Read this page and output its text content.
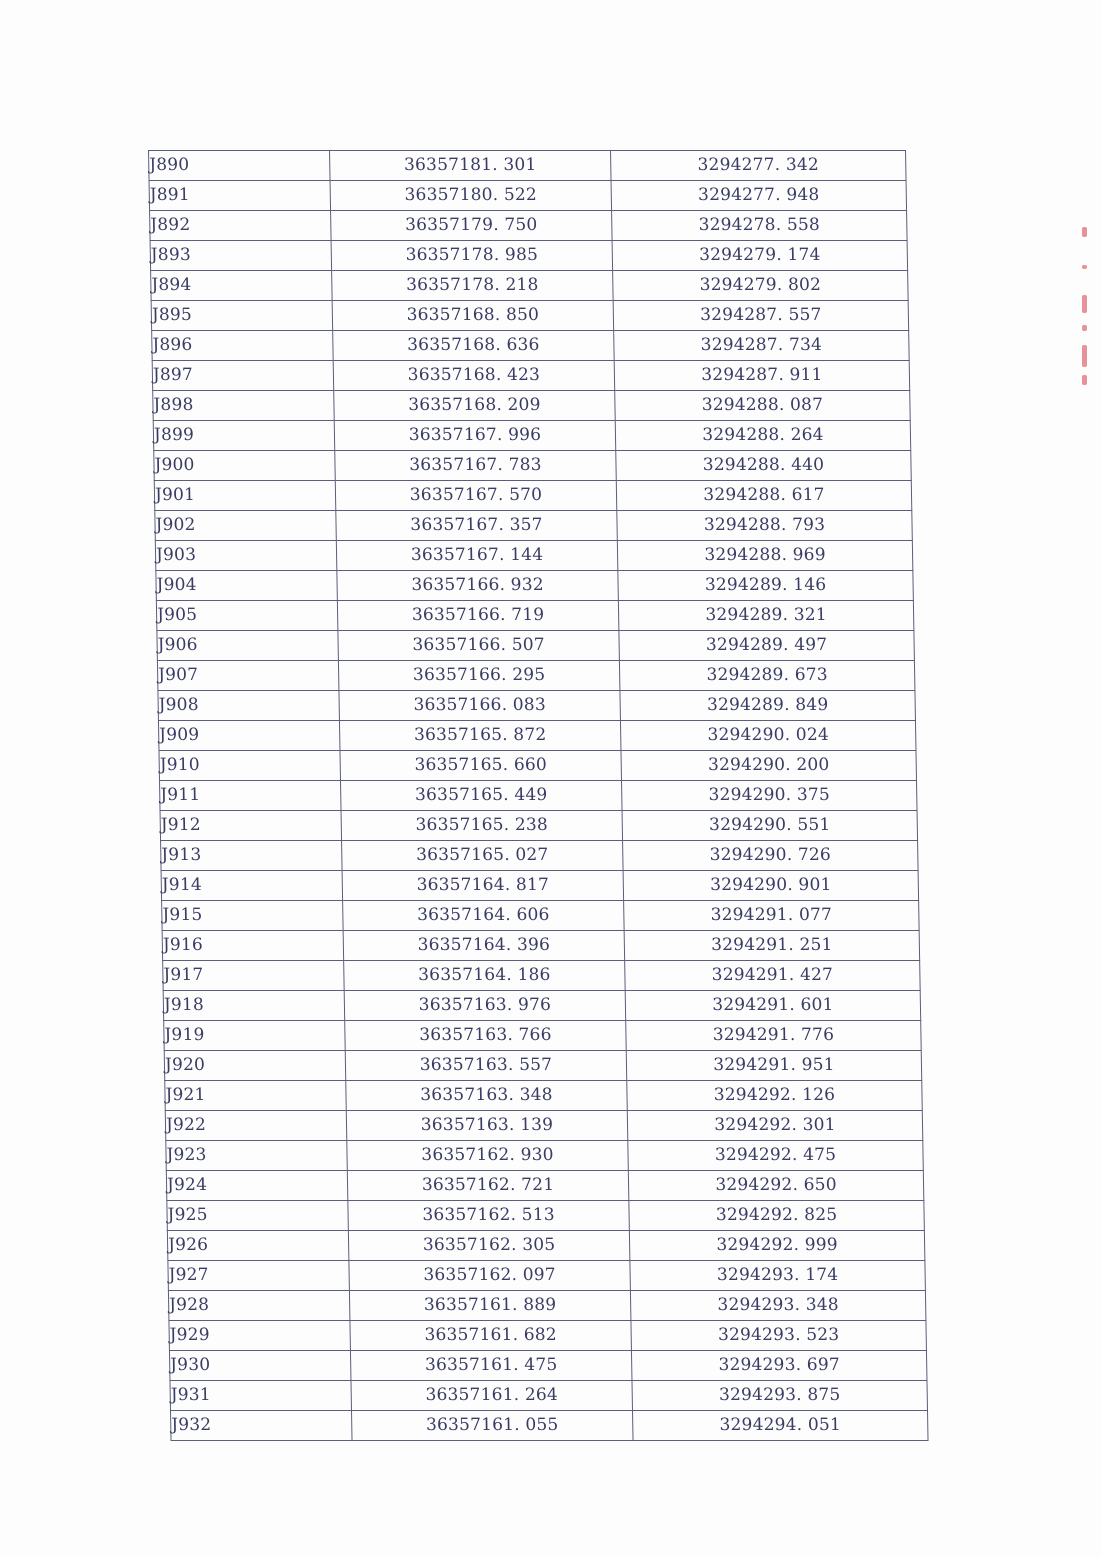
J890	36357181. 301	3294277. 342
J891	36357180. 522	3294277. 948
J892	36357179. 750	3294278. 558
J893	36357178. 985	3294279. 174
J894	36357178. 218	3294279. 802
J895	36357168. 850	3294287. 557
J896	36357168. 636	3294287. 734
J897	36357168. 423	3294287. 911
J898	36357168. 209	3294288. 087
J899	36357167. 996	3294288. 264
J900	36357167. 783	3294288. 440
J901	36357167. 570	3294288. 617
J902	36357167. 357	3294288. 793
J903	36357167. 144	3294288. 969
J904	36357166. 932	3294289. 146
J905	36357166. 719	3294289. 321
J906	36357166. 507	3294289. 497
J907	36357166. 295	3294289. 673
J908	36357166. 083	3294289. 849
J909	36357165. 872	3294290. 024
J910	36357165. 660	3294290. 200
J911	36357165. 449	3294290. 375
J912	36357165. 238	3294290. 551
J913	36357165. 027	3294290. 726
J914	36357164. 817	3294290. 901
J915	36357164. 606	3294291. 077
J916	36357164. 396	3294291. 251
J917	36357164. 186	3294291. 427
J918	36357163. 976	3294291. 601
J919	36357163. 766	3294291. 776
J920	36357163. 557	3294291. 951
J921	36357163. 348	3294292. 126
J922	36357163. 139	3294292. 301
J923	36357162. 930	3294292. 475
J924	36357162. 721	3294292. 650
J925	36357162. 513	3294292. 825
J926	36357162. 305	3294292. 999
J927	36357162. 097	3294293. 174
J928	36357161. 889	3294293. 348
J929	36357161. 682	3294293. 523
J930	36357161. 475	3294293. 697
J931	36357161. 264	3294293. 875
J932	36357161. 055	3294294. 051
